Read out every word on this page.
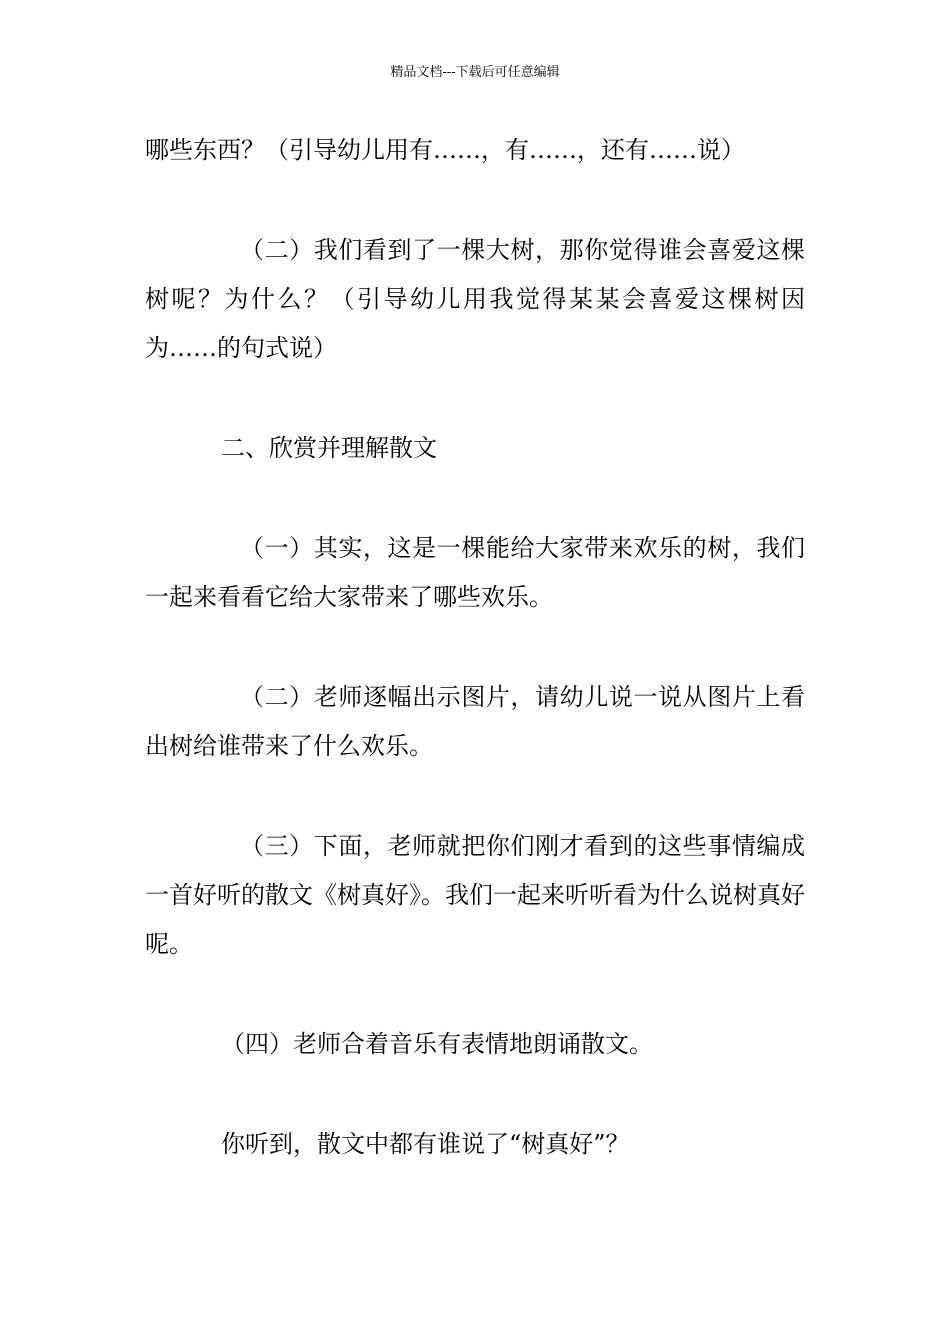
精品文档---下载后可任意编辑

哪些东西？（引导幼儿用有……，有……，还有……说）

（二）我们看到了一棵大树，那你觉得谁会喜爱这棵树呢？为什么？（引导幼儿用我觉得某某会喜爱这棵树因为……的句式说）

二、欣赏并理解散文

（一）其实，这是一棵能给大家带来欢乐的树，我们一起来看看它给大家带来了哪些欢乐。

（二）老师逐幅出示图片，请幼儿说一说从图片上看出树给谁带来了什么欢乐。

（三）下面，老师就把你们刚才看到的这些事情编成一首好听的散文《树真好》。我们一起来听听看为什么说树真好呢。

（四）老师合着音乐有表情地朗诵散文。

你听到，散文中都有谁说了“树真好”？
